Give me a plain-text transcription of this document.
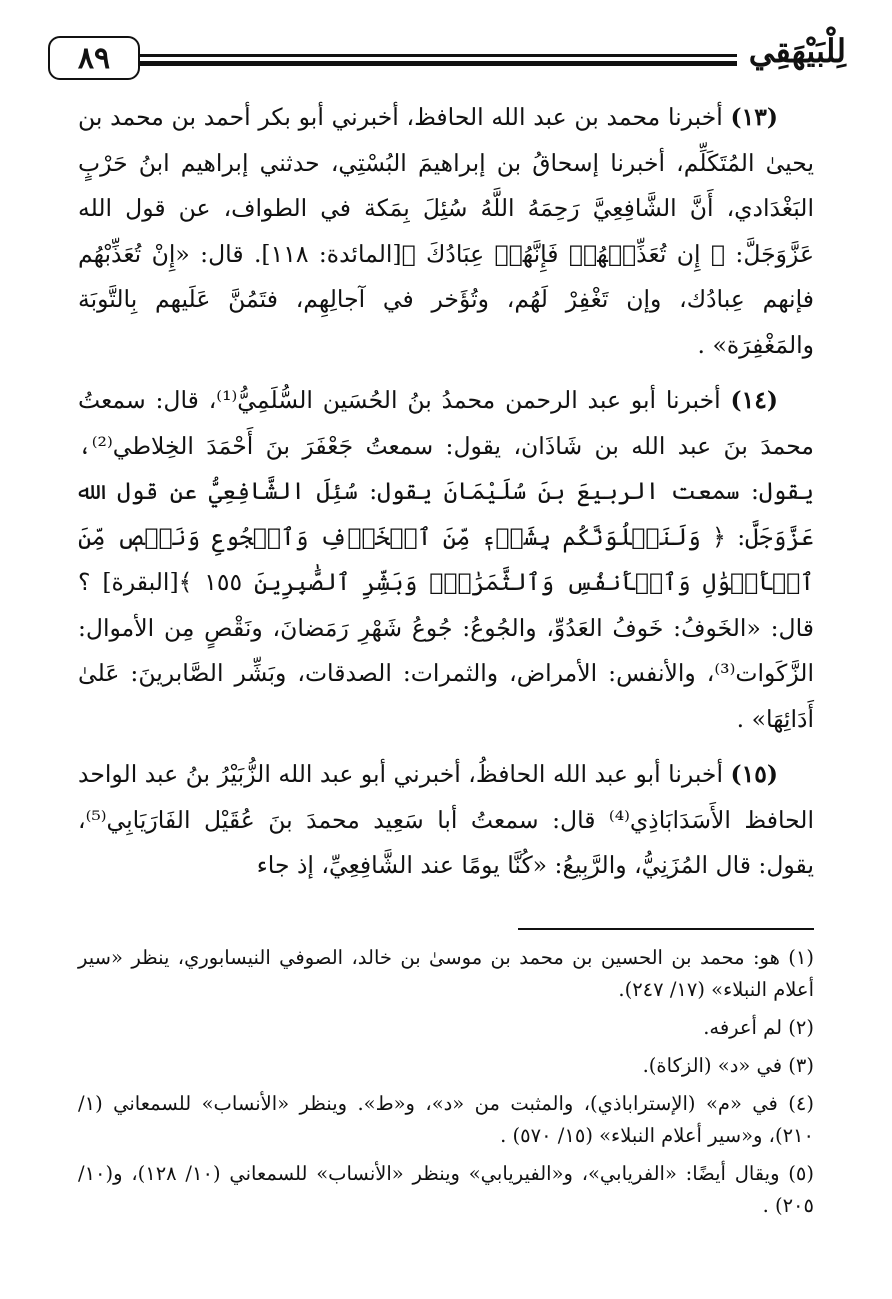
٨٩	لِلْبَيْهَقِي

(١٣) أخبرنا محمد بن عبد الله الحافظ، أخبرني أبو بكر أحمد بن محمد بن يحيىٰ المُتَكَلِّم، أخبرنا إسحاقُ بن إبراهيمَ البُسْتِي، حدثني إبراهيم ابنُ حَرْبٍ البَغْدَادي، أَنَّ الشَّافِعِيَّ رَحِمَهُ اللَّهُ سُئِلَ بِمَكة في الطواف، عن قول الله عَزَّوَجَلَّ: ﴿ إِن تُعَذِّبۡهُمۡ فَإِنَّهُمۡ عِبَادُكَ ﴾[المائدة: ١١٨]. قال: «إِنْ تُعَذِّبْهُم فإنهم عِبادُك، وإن تَغْفِرْ لَهُم، وتُؤَخر في آجالِهِم، فتَمُنَّ عَلَيهم بِالتَّوبَة والمَغْفِرَة» .

(١٤) أخبرنا أبو عبد الرحمن محمدُ بنُ الحُسَين السُّلَمِيُّ⁽¹⁾، قال: سمعتُ محمدَ بنَ عبد الله بن شَاذَان، يقول: سمعتُ جَعْفَرَ بنَ أَحْمَدَ الخِلاطي⁽²⁾، يقول: سمعت الربيعَ بنَ سُلَيْمَانَ يقول: سُئِلَ الشَّافِعِيُّ عن قول الله عَزَّوَجَلَّ: ﴿ وَلَنَبۡلُوَنَّكُم بِشَيۡءٖ مِّنَ ٱلۡخَوۡفِ وَٱلۡجُوعِ وَنَقۡصٖ مِّنَ ٱلۡأَمۡوَٰلِ وَٱلۡأَنفُسِ وَٱلثَّمَرَٰتِۗ وَبَشِّرِ ٱلصَّٰبِرِينَ ١٥٥ ﴾[البقرة] ؟ قال: «الخَوفُ: خَوفُ العَدُوِّ، والجُوعُ: جُوعُ شَهْرِ رَمَضانَ، ونَقْصٍ مِن الأموال: الزَّكَوات⁽³⁾، والأنفس: الأمراض، والثمرات: الصدقات، وبَشِّر الصَّابرينَ: عَلىٰ أَدَائِهَا» .

(١٥) أخبرنا أبو عبد الله الحافظُ، أخبرني أبو عبد الله الزُّبَيْرُ بنُ عبد الواحد الحافظ الأَسَدَابَاذِي⁽⁴⁾ قال: سمعتُ أبا سَعِيد محمدَ بنَ عُقَيْل الفَارَيَابِي⁽⁵⁾، يقول: قال المُزَنِيُّ، والرَّبِيعُ: «كُنَّا يومًا عند الشَّافِعِيِّ، إذ جاء

(١) هو: محمد بن الحسين بن محمد بن موسىٰ بن خالد، الصوفي النيسابوري، ينظر «سير أعلام النبلاء» (١٧/ ٢٤٧).

(٢) لم أعرفه.

(٣) في «د» (الزكاة).

(٤) في «م» (الإستراباذي)، والمثبت من «د»، و«ط». وينظر «الأنساب» للسمعاني (١/ ٢١٠)، و«سير أعلام النبلاء» (١٥/ ٥٧٠) .

(٥) ويقال أيضًا: «الفريابي»، و«الفيريابي» وينظر «الأنساب» للسمعاني (١٠/ ١٢٨)، و(١٠/ ٢٠٥) .
